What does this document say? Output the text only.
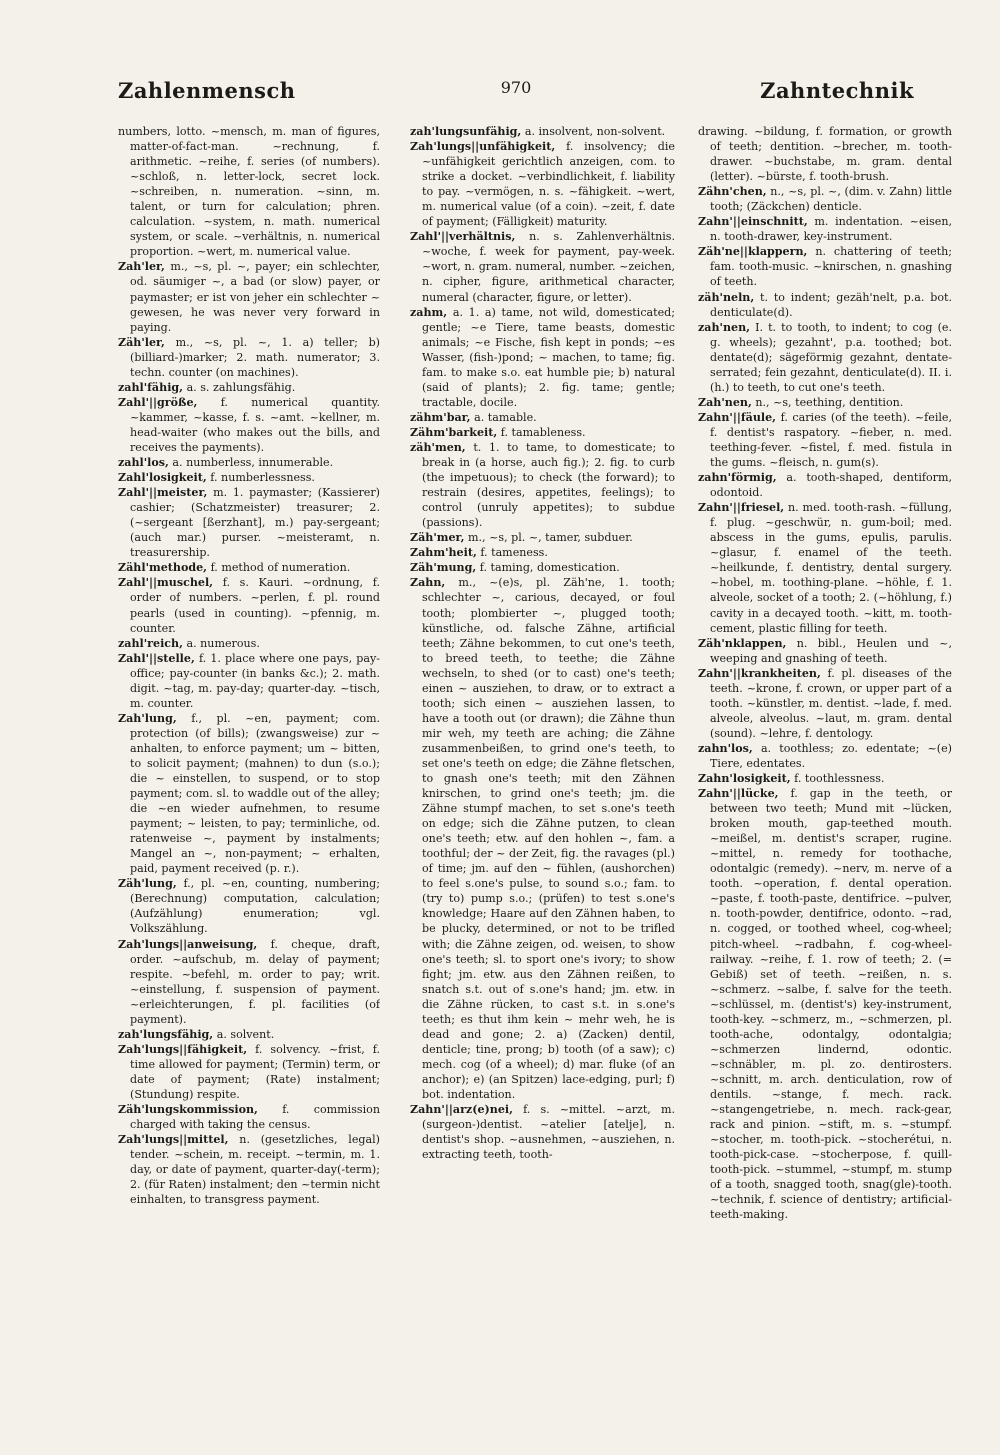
Zahlenmensch	970	Zahntechnik
numbers, lotto. ~mensch, m. man of figures, matter-of-fact-man. ~rechnung, f. arithmetic. ~reihe, f. series (of numbers). ~schloß, n. letter-lock, secret lock. ~schreiben, n. numeration. ~sinn, m. talent, or turn for calculation; phren. calculation. ~system, n. math. numerical system, or scale. ~verhältnis, n. numerical proportion. ~wert, m. numerical value.
Zah'ler, m., ~s, pl. ~, payer; ein schlechter, od. säumiger ~, a bad (or slow) payer, or paymaster; er ist von jeher ein schlechter ~ gewesen, he was never very forward in paying.
Zäh'ler, m., ~s, pl. ~, 1. a) teller; b) (billiard-)marker; 2. math. numerator; 3. techn. counter (on machines).
zahl'fähig, a. s. zahlungsfähig.
Zahl'||größe, f. numerical quantity. ~kammer, ~kasse, f. s. ~amt. ~kellner, m. head-waiter (who makes out the bills, and receives the payments).
zahl'los, a. numberless, innumerable.
Zahl'losigkeit, f. numberlessness.
Zahl'||meister, m. 1. paymaster; (Kassierer) cashier; (Schatzmeister) treasurer; 2. (~sergeant [ßerzhant], m.) pay-sergeant; (auch mar.) purser. ~meisteramt, n. treasurership.
Zähl'methode, f. method of numeration.
Zahl'||muschel, f. s. Kauri. ~ordnung, f. order of numbers. ~perlen, f. pl. round pearls (used in counting). ~pfennig, m. counter.
zahl'reich, a. numerous.
Zahl'||stelle, f. 1. place where one pays, pay-office; pay-counter (in banks &c.); 2. math. digit. ~tag, m. pay-day; quarter-day. ~tisch, m. counter.
Zah'lung, f., pl. ~en, payment; com. protection (of bills); (zwangsweise) zur ~ anhalten, to enforce payment; um ~ bitten, to solicit payment; (mahnen) to dun (s.o.); die ~ einstellen, to suspend, or to stop payment; com. sl. to waddle out of the alley; die ~en wieder aufnehmen, to resume payment; ~ leisten, to pay; terminliche, od. ratenweise ~, payment by instalments; Mangel an ~, non-payment; ~ erhalten, paid, payment received (p. r.).
Zäh'lung, f., pl. ~en, counting, numbering; (Berechnung) computation, calculation; (Aufzählung) enumeration; vgl. Volkszählung.
Zah'lungs||anweisung, f. cheque, draft, order. ~aufschub, m. delay of payment; respite. ~befehl, m. order to pay; writ. ~einstellung, f. suspension of payment. ~erleichterungen, f. pl. facilities (of payment).
zah'lungsfähig, a. solvent.
Zah'lungs||fähigkeit, f. solvency. ~frist, f. time allowed for payment; (Termin) term, or date of payment; (Rate) instalment; (Stundung) respite.
Zäh'lungskommission, f. commission charged with taking the census.
Zah'lungs||mittel, n. (gesetzliches, legal) tender. ~schein, m. receipt. ~termin, m. 1. day, or date of payment, quarter-day(-term); 2. (für Raten) instalment; den ~termin nicht einhalten, to transgress payment.
zah'lungsunfähig, a. insolvent, non-solvent.
Zah'lungs||unfähigkeit, f. insolvency; die ~unfähigkeit gerichtlich anzeigen, com. to strike a docket. ~verbindlichkeit, f. liability to pay. ~vermögen, n. s. ~fähigkeit. ~wert, m. numerical value (of a coin). ~zeit, f. date of payment; (Fälligkeit) maturity.
Zahl'||verhältnis, n. s. Zahlenverhältnis. ~woche, f. week for payment, pay-week. ~wort, n. gram. numeral, number. ~zeichen, n. cipher, figure, arithmetical character, numeral (character, figure, or letter).
zahm, a. 1. a) tame, not wild, domesticated; gentle; ~e Tiere, tame beasts, domestic animals; ~e Fische, fish kept in ponds; ~es Wasser, (fish-)pond; ~ machen, to tame; fig. fam. to make s.o. eat humble pie; b) natural (said of plants); 2. fig. tame; gentle; tractable, docile.
zähm'bar, a. tamable.
Zähm'barkeit, f. tamableness.
zäh'men, t. 1. to tame, to domesticate; to break in (a horse, auch fig.); 2. fig. to curb (the impetuous); to check (the forward); to restrain (desires, appetites, feelings); to control (unruly appetites); to subdue (passions).
Zäh'mer, m., ~s, pl. ~, tamer, subduer.
Zahm'heit, f. tameness.
Zäh'mung, f. taming, domestication.
Zahn, m., ~(e)s, pl. Zäh'ne, 1. tooth; schlechter ~, carious, decayed, or foul tooth; plombierter ~, plugged tooth; künstliche, od. falsche Zähne, artificial teeth; Zähne bekommen, to cut one's teeth, to breed teeth, to teethe; die Zähne wechseln, to shed (or to cast) one's teeth; einen ~ ausziehen, to draw, or to extract a tooth; sich einen ~ ausziehen lassen, to have a tooth out (or drawn); die Zähne thun mir weh, my teeth are aching; die Zähne zusammenbeißen, to grind one's teeth, to set one's teeth on edge; die Zähne fletschen, to gnash one's teeth; mit den Zähnen knirschen, to grind one's teeth; jm. die Zähne stumpf machen, to set s.one's teeth on edge; sich die Zähne putzen, to clean one's teeth; etw. auf den hohlen ~, fam. a toothful; der ~ der Zeit, fig. the ravages (pl.) of time; jm. auf den ~ fühlen, (aushorchen) to feel s.one's pulse, to sound s.o.; fam. to (try to) pump s.o.; (prüfen) to test s.one's knowledge; Haare auf den Zähnen haben, to be plucky, determined, or not to be trifled with; die Zähne zeigen, od. weisen, to show one's teeth; sl. to sport one's ivory; to show fight; jm. etw. aus den Zähnen reißen, to snatch s.t. out of s.one's hand; jm. etw. in die Zähne rücken, to cast s.t. in s.one's teeth; es thut ihm kein ~ mehr weh, he is dead and gone; 2. a) (Zacken) dentil, denticle; tine, prong; b) tooth (of a saw); c) mech. cog (of a wheel); d) mar. fluke (of an anchor); e) (an Spitzen) lace-edging, purl; f) bot. indentation.
Zahn'||arz(e)nei, f. s. ~mittel. ~arzt, m. (surgeon-)dentist. ~atelier [atelje], n. dentist's shop. ~ausnehmen, ~ausziehen, n. extracting teeth, tooth-
drawing. ~bildung, f. formation, or growth of teeth; dentition. ~brecher, m. tooth-drawer. ~buchstabe, m. gram. dental (letter). ~bürste, f. tooth-brush.
Zähn'chen, n., ~s, pl. ~, (dim. v. Zahn) little tooth; (Zäckchen) denticle.
Zahn'||einschnitt, m. indentation. ~eisen, n. tooth-drawer, key-instrument.
Zäh'ne||klappern, n. chattering of teeth; fam. tooth-music. ~knirschen, n. gnashing of teeth.
zäh'neln, t. to indent; gezäh'nelt, p.a. bot. denticulate(d).
zah'nen, I. t. to tooth, to indent; to cog (e. g. wheels); gezahnt', p.a. toothed; bot. dentate(d); sägeförmig gezahnt, dentate-serrated; fein gezahnt, denticulate(d). II. i. (h.) to teeth, to cut one's teeth.
Zah'nen, n., ~s, teething, dentition.
Zahn'||fäule, f. caries (of the teeth). ~feile, f. dentist's raspatory. ~fieber, n. med. teething-fever. ~fistel, f. med. fistula in the gums. ~fleisch, n. gum(s).
zahn'förmig, a. tooth-shaped, dentiform, odontoid.
Zahn'||friesel, n. med. tooth-rash. ~füllung, f. plug. ~geschwür, n. gum-boil; med. abscess in the gums, epulis, parulis. ~glasur, f. enamel of the teeth. ~heilkunde, f. dentistry, dental surgery. ~hobel, m. toothing-plane. ~höhle, f. 1. alveole, socket of a tooth; 2. (~höhlung, f.) cavity in a decayed tooth. ~kitt, m. tooth-cement, plastic filling for teeth.
Zäh'nklappen, n. bibl., Heulen und ~, weeping and gnashing of teeth.
Zahn'||krankheiten, f. pl. diseases of the teeth. ~krone, f. crown, or upper part of a tooth. ~künstler, m. dentist. ~lade, f. med. alveole, alveolus. ~laut, m. gram. dental (sound). ~lehre, f. dentology.
zahn'los, a. toothless; zo. edentate; ~(e) Tiere, edentates.
Zahn'losigkeit, f. toothlessness.
Zahn'||lücke, f. gap in the teeth, or between two teeth; Mund mit ~lücken, broken mouth, gap-teethed mouth. ~meißel, m. dentist's scraper, rugine. ~mittel, n. remedy for toothache, odontalgic (remedy). ~nerv, m. nerve of a tooth. ~operation, f. dental operation. ~paste, f. tooth-paste, dentifrice. ~pulver, n. tooth-powder, dentifrice, odonto. ~rad, n. cogged, or toothed wheel, cog-wheel; pitch-wheel. ~radbahn, f. cog-wheel-railway. ~reihe, f. 1. row of teeth; 2. (= Gebiß) set of teeth. ~reißen, n. s. ~schmerz. ~salbe, f. salve for the teeth. ~schlüssel, m. (dentist's) key-instrument, tooth-key. ~schmerz, m., ~schmerzen, pl. tooth-ache, odontalgy, odontalgia; ~schmerzen lindernd, odontic. ~schnäbler, m. pl. zo. dentirosters. ~schnitt, m. arch. denticulation, row of dentils. ~stange, f. mech. rack. ~stangengetriebe, n. mech. rack-gear, rack and pinion. ~stift, m. s. ~stumpf. ~stocher, m. tooth-pick. ~stocherétui, n. tooth-pick-case. ~stocherpose, f. quill-tooth-pick. ~stummel, ~stumpf, m. stump of a tooth, snagged tooth, snag(gle)-tooth. ~technik, f. science of dentistry; artificial-teeth-making.
